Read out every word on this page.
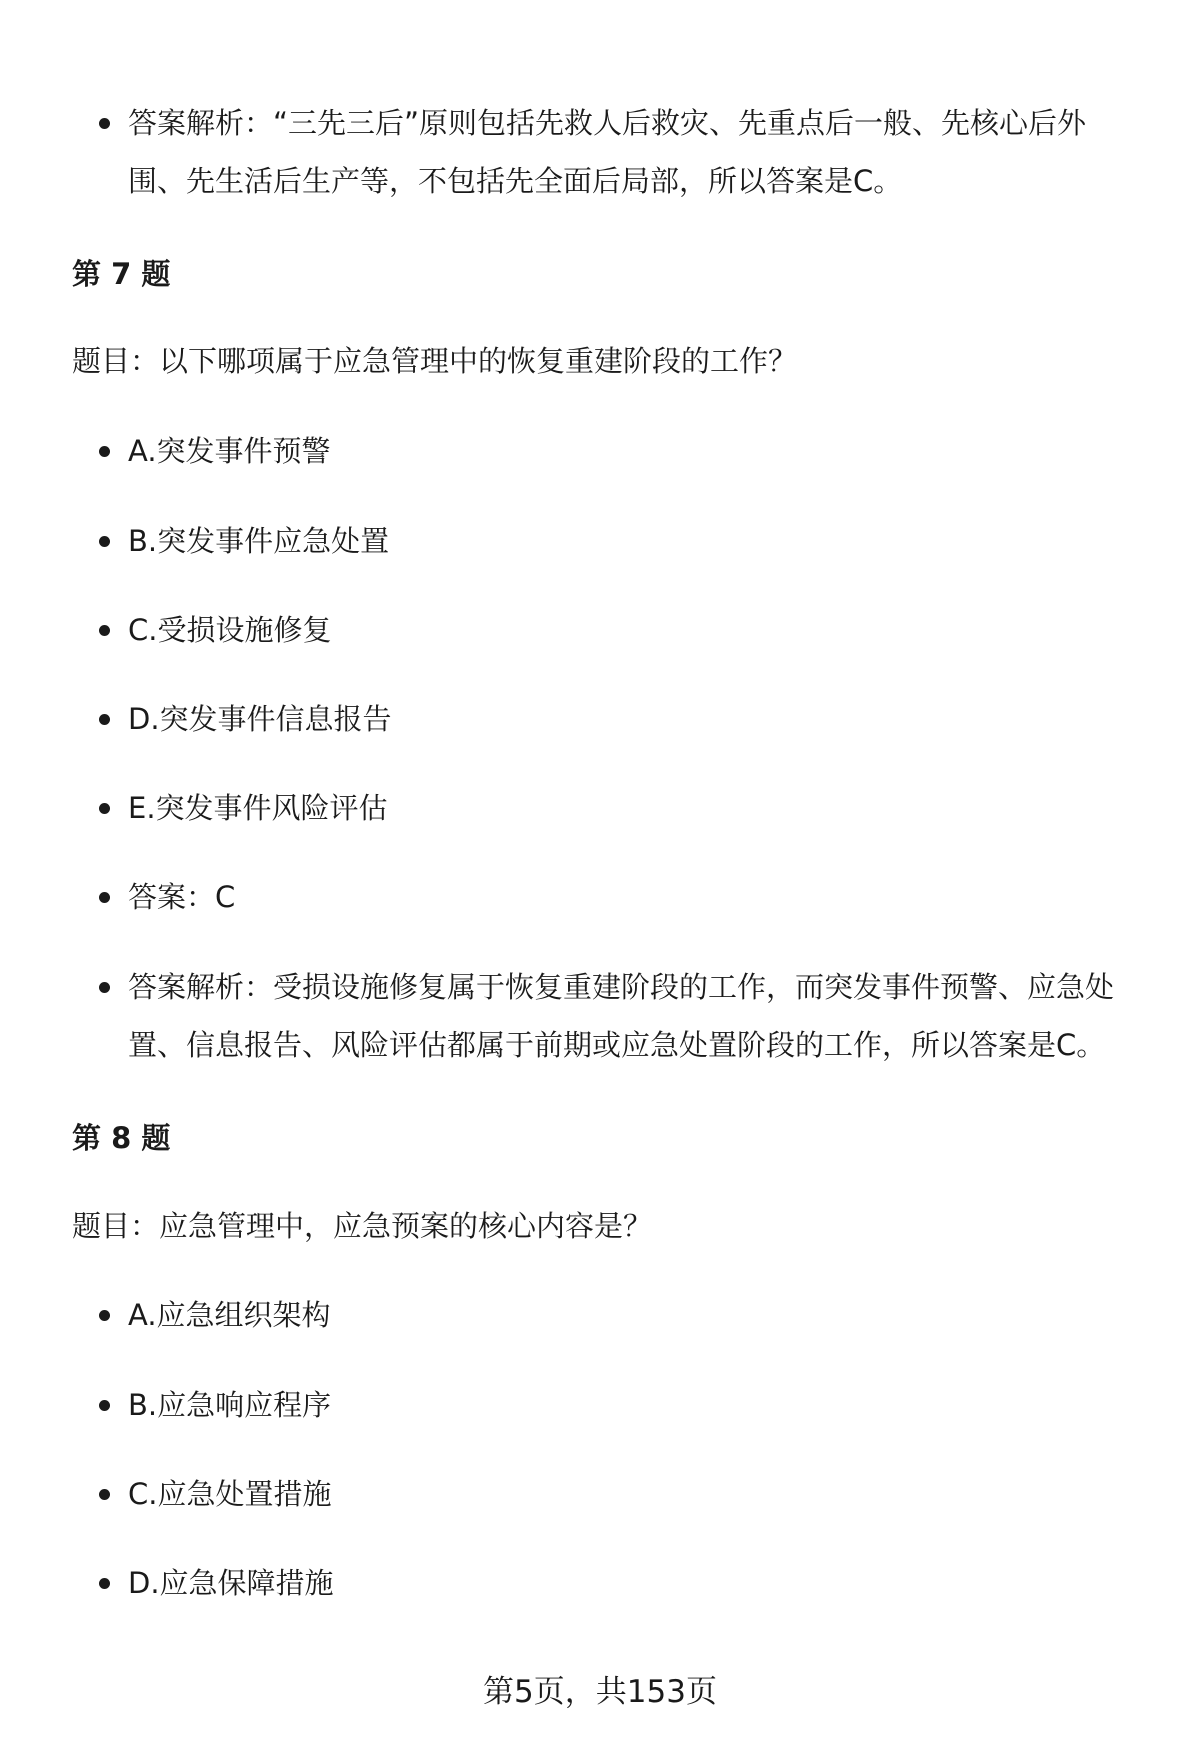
答案解析：“三先三后”原则包括先救人后救灾、先重点后一般、先核心后外围、先生活后生产等，不包括先全面后局部，所以答案是C。

第 7 题

题目：以下哪项属于应急管理中的恢复重建阶段的工作？

A.突发事件预警

B.突发事件应急处置

C.受损设施修复

D.突发事件信息报告

E.突发事件风险评估

答案：C

答案解析：受损设施修复属于恢复重建阶段的工作，而突发事件预警、应急处置、信息报告、风险评估都属于前期或应急处置阶段的工作，所以答案是C。

第 8 题

题目：应急管理中，应急预案的核心内容是？

A.应急组织架构

B.应急响应程序

C.应急处置措施

D.应急保障措施

第5页，共153页
